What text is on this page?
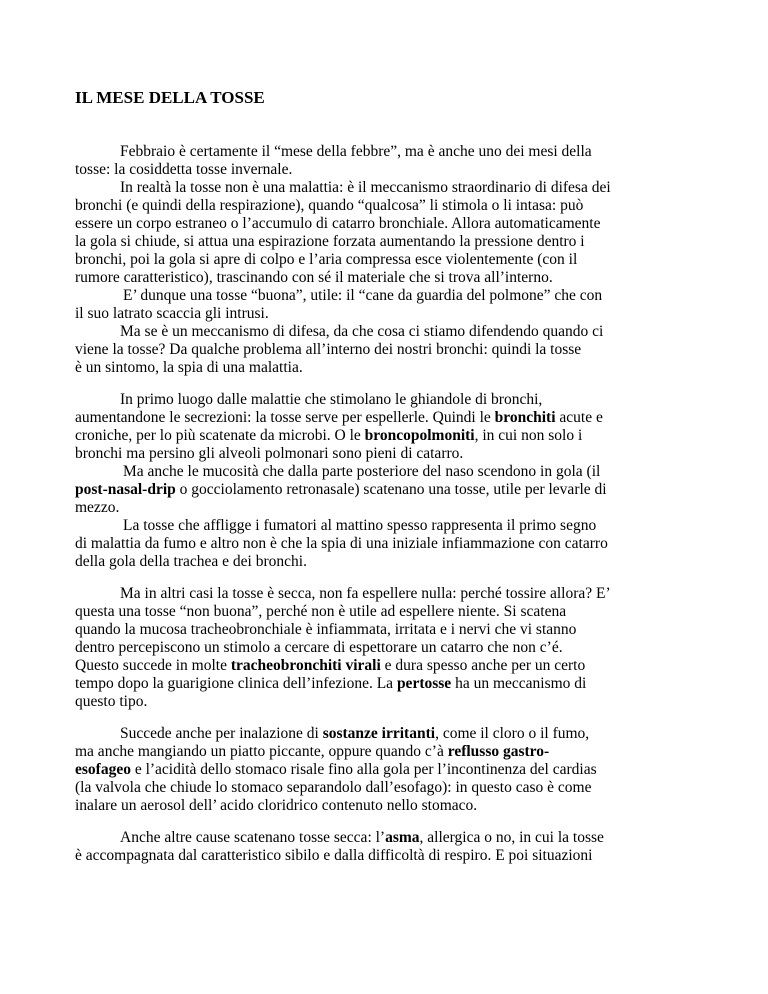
IL MESE DELLA TOSSE

Febbraio è certamente il “mese della febbre”, ma è anche uno dei mesi della

tosse: la cosiddetta tosse invernale.

In realtà la tosse non è una malattia: è il meccanismo straordinario di difesa dei

bronchi (e quindi della respirazione), quando “qualcosa” li stimola o li intasa: può

essere un corpo estraneo o l’accumulo di catarro bronchiale. Allora automaticamente

la gola si chiude, si attua una espirazione forzata aumentando la pressione dentro i

bronchi, poi la gola si apre di colpo e l’aria compressa esce violentemente (con il

rumore caratteristico), trascinando con sé il materiale che si trova all’interno.

E’ dunque una tosse “buona”, utile: il “cane da guardia del polmone” che con

il suo latrato scaccia gli intrusi.

Ma se è un meccanismo di difesa, da che cosa ci stiamo difendendo quando ci

viene la tosse? Da qualche problema all’interno dei nostri bronchi: quindi la tosse

è un sintomo, la spia di una malattia.

In primo luogo dalle malattie che stimolano le ghiandole di bronchi,

aumentandone le secrezioni: la tosse serve per espellerle. Quindi le bronchiti acute e

croniche, per lo più scatenate da microbi. O le broncopolmoniti, in cui non solo i

bronchi ma persino gli alveoli polmonari sono pieni di catarro.

Ma anche le mucosità che dalla parte posteriore del naso scendono in gola (il

post-nasal-drip o gocciolamento retronasale) scatenano una tosse, utile per levarle di

mezzo.

La tosse che affligge i fumatori al mattino spesso rappresenta il primo segno

di malattia da fumo e altro non è che la spia di una iniziale infiammazione con catarro

della gola della trachea e dei bronchi.

Ma in altri casi la tosse è secca, non fa espellere nulla: perché tossire allora? E’

questa una tosse “non buona”, perché non è utile ad espellere niente. Si scatena

quando la mucosa tracheobronchiale è infiammata, irritata e i nervi che vi stanno

dentro percepiscono un stimolo a cercare di espettorare un catarro che non c’é.

Questo succede in molte tracheobronchiti virali e dura spesso anche per un certo

tempo dopo la guarigione clinica dell’infezione. La pertosse ha un meccanismo di

questo tipo.

Succede anche per inalazione di sostanze irritanti, come il cloro o il fumo,

ma anche mangiando un piatto piccante, oppure quando c’à reflusso gastro-

esofageo e l’acidità dello stomaco risale fino alla gola per l’incontinenza del cardias

(la valvola che chiude lo stomaco separandolo dall’esofago): in questo caso è come

inalare un aerosol dell’ acido cloridrico contenuto nello stomaco.

Anche altre cause scatenano tosse secca: l’asma, allergica o no, in cui la tosse

è accompagnata dal caratteristico sibilo e dalla difficoltà di respiro. E poi situazioni
